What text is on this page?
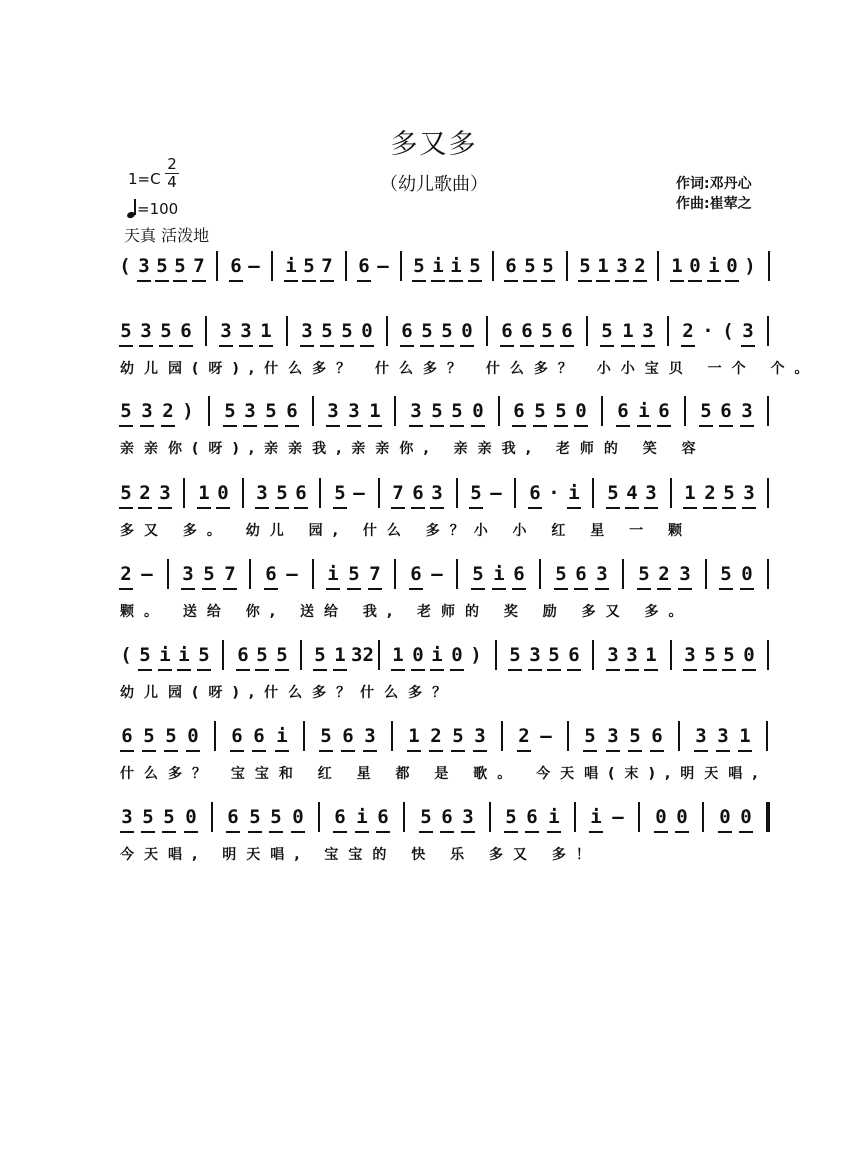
多又多
（幼儿歌曲）
$1=C \frac{2}{4}$
=100
天真 活泼地
作词:邓丹心
作曲:崔荤之
( 3 5 5 7 6 – i 5 7 6 – 5 i i 5 6 5 5 5 1 3 2 1 0 i 0 )
5 3 5 6 3 3 1 3 5 5 0 6 5 5 0 6 6 5 6 5 1 3 2 · ( 3
幼儿园(呀),什么多？ 什么多？ 什么多？ 小小宝贝 一个 个。
5 3 2 ) 5 3 5 6 3 3 1 3 5 5 0 6 5 5 0 6 i 6 5 6 3
亲亲你(呀),亲亲我,亲亲你, 亲亲我, 老师的 笑 容
5 2 3 1 0 3 5 6 5 – 7 6 3 5 – 6 · i 5 4 3 1 2 5 3
多又 多。 幼儿 园, 什么 多？小 小 红 星 一 颗
2 – 3 5 7 6 – i 5 7 6 – 5 i 6 5 6 3 5 2 3 5 0
颗。 送给 你, 送给 我, 老师的 奖 励 多又 多。
( 5 i i 5 6 5 5 5 1 32 1 0 i 0 ) 5 3 5 6 3 3 1 3 5 5 0
幼儿园(呀),什么多？什么多？
6 5 5 0 6 6 i 5 6 3 1 2 5 3 2 – 5 3 5 6 3 3 1
什么多？ 宝宝和 红 星 都 是 歌。 今天唱(末),明天唱,
3 5 5 0 6 5 5 0 6 i 6 5 6 3 5 6 i i – 0 0 0 0
今天唱, 明天唱, 宝宝的 快 乐 多又 多！
